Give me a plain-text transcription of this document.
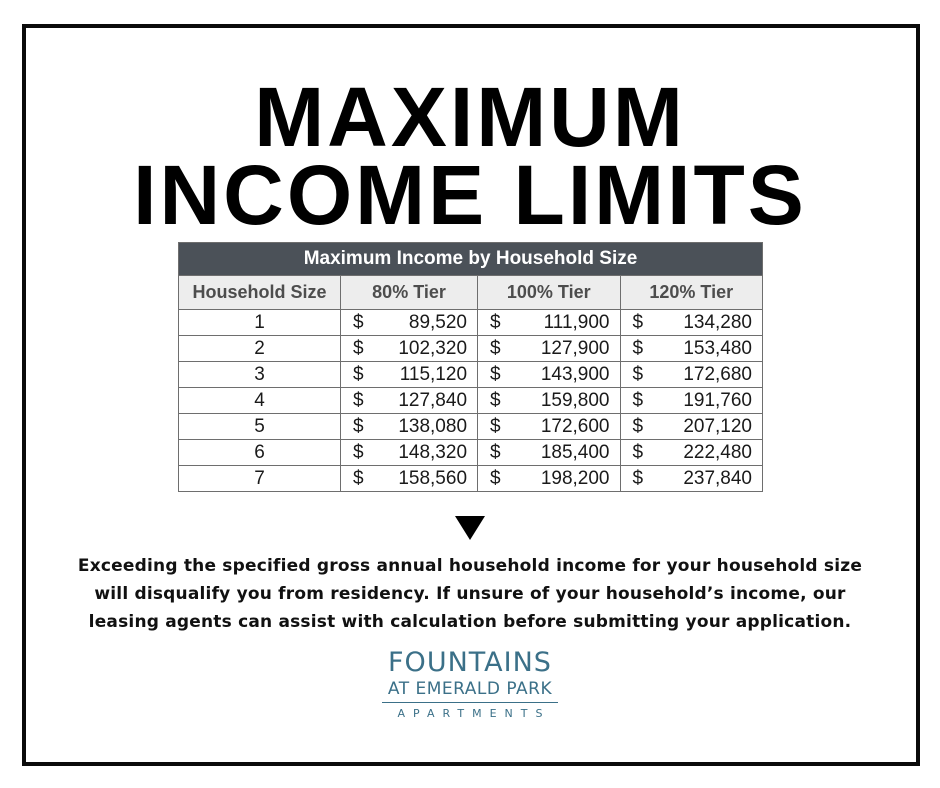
MAXIMUM
INCOME LIMITS
Maximum Income by Household Size			
Household Size	80% Tier	100% Tier	120% Tier
1	$ 89,520	$ 111,900	$ 134,280

2	$ 102,320	$ 127,900	$ 153,480

3	$ 115,120	$ 143,900	$ 172,680

4	$ 127,840	$ 159,800	$ 191,760

5	$ 138,080	$ 172,600	$ 207,120

6	$ 148,320	$ 185,400	$ 222,480

7	$ 158,560	$ 198,200	$ 237,840
Exceeding the specified gross annual household income for your household size
will disqualify you from residency. If unsure of your household’s income, our
leasing agents can assist with calculation before submitting your application.
FOUNTAINS
AT EMERALD PARK
APARTMENTS
